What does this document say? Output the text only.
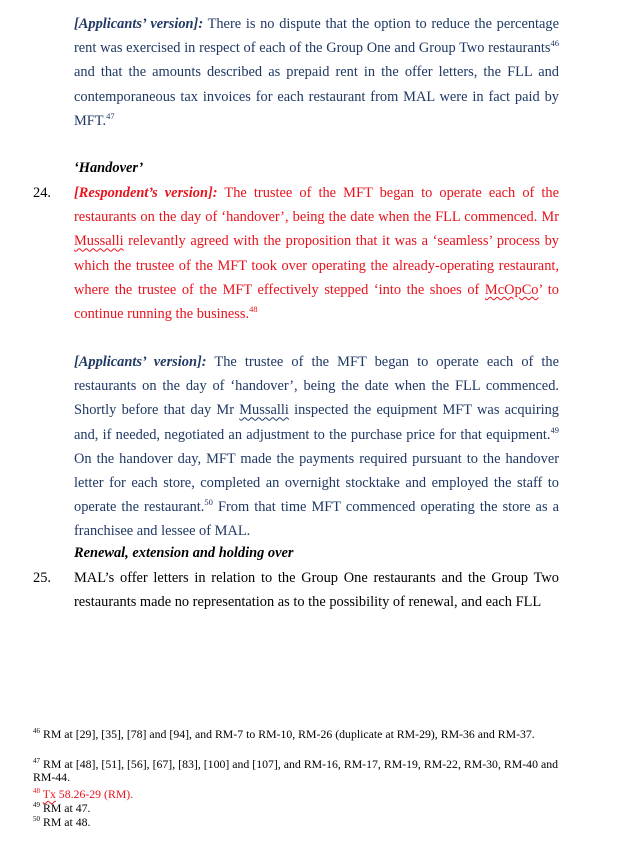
[Applicants’ version]: There is no dispute that the option to reduce the percentage rent was exercised in respect of each of the Group One and Group Two restaurants$^{46}$ and that the amounts described as prepaid rent in the offer letters, the FLL and contemporaneous tax invoices for each restaurant from MAL were in fact paid by MFT.$^{47}$

‘Handover’

24. [Respondent’s version]: The trustee of the MFT began to operate each of the restaurants on the day of ‘handover’, being the date when the FLL commenced. Mr Mussalli relevantly agreed with the proposition that it was a ‘seamless’ process by which the trustee of the MFT took over operating the already-operating restaurant, where the trustee of the MFT effectively stepped ‘into the shoes of McOpCo’ to continue running the business.$^{48}$

[Applicants’ version]: The trustee of the MFT began to operate each of the restaurants on the day of ‘handover’, being the date when the FLL commenced. Shortly before that day Mr Mussalli inspected the equipment MFT was acquiring and, if needed, negotiated an adjustment to the purchase price for that equipment.$^{49}$ On the handover day, MFT made the payments required pursuant to the handover letter for each store, completed an overnight stocktake and employed the staff to operate the restaurant.$^{50}$ From that time MFT commenced operating the store as a franchisee and lessee of MAL.

Renewal, extension and holding over

25. MAL’s offer letters in relation to the Group One restaurants and the Group Two restaurants made no representation as to the possibility of renewal, and each FLL

$^{46}$ RM at [29], [35], [78] and [94], and RM-7 to RM-10, RM-26 (duplicate at RM-29), RM-36 and RM-37.

$^{47}$ RM at [48], [51], [56], [67], [83], [100] and [107], and RM-16, RM-17, RM-19, RM-22, RM-30, RM-40 and RM-44.

$^{48}$ Tx 58.26-29 (RM).

$^{49}$ RM at 47.

$^{50}$ RM at 48.
